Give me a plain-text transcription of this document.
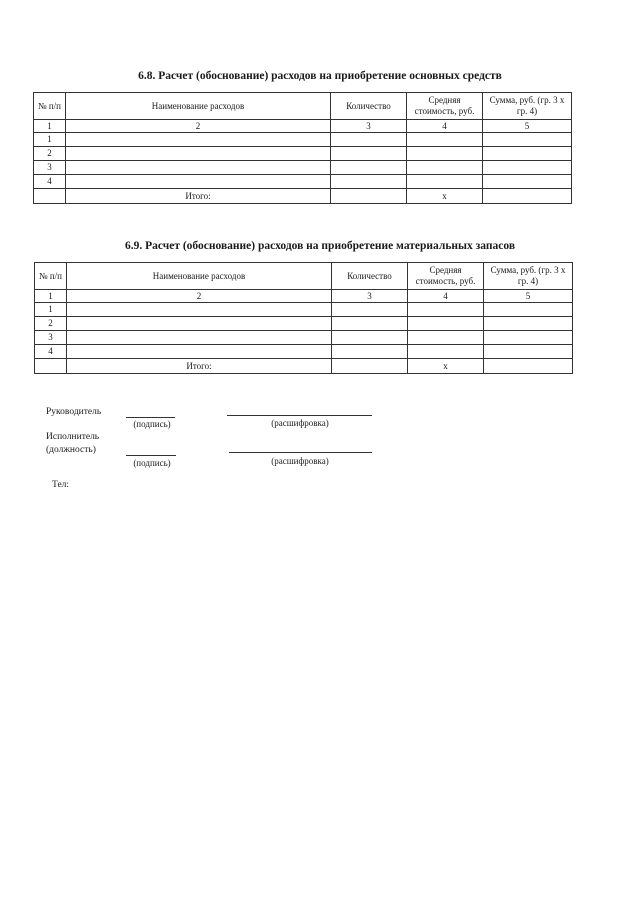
6.8. Расчет (обоснование) расходов на приобретение основных средств
№ п/п	Наименование расходов	Количество	Средняя стоимость, руб.	Сумма, руб. (гр. 3 х гр. 4)
1	2	3	4	5
1				
2				
3				
4				
	Итого:		х	
6.9. Расчет (обоснование) расходов на приобретение материальных запасов
№ п/п	Наименование расходов	Количество	Средняя стоимость, руб.	Сумма, руб. (гр. 3 х гр. 4)
1	2	3	4	5
1				
2				
3				
4				
	Итого:		х	

Руководитель

(подпись)	(расшифровка)

Исполнитель

(должность)

(подпись)	(расшифровка)

Тел:
